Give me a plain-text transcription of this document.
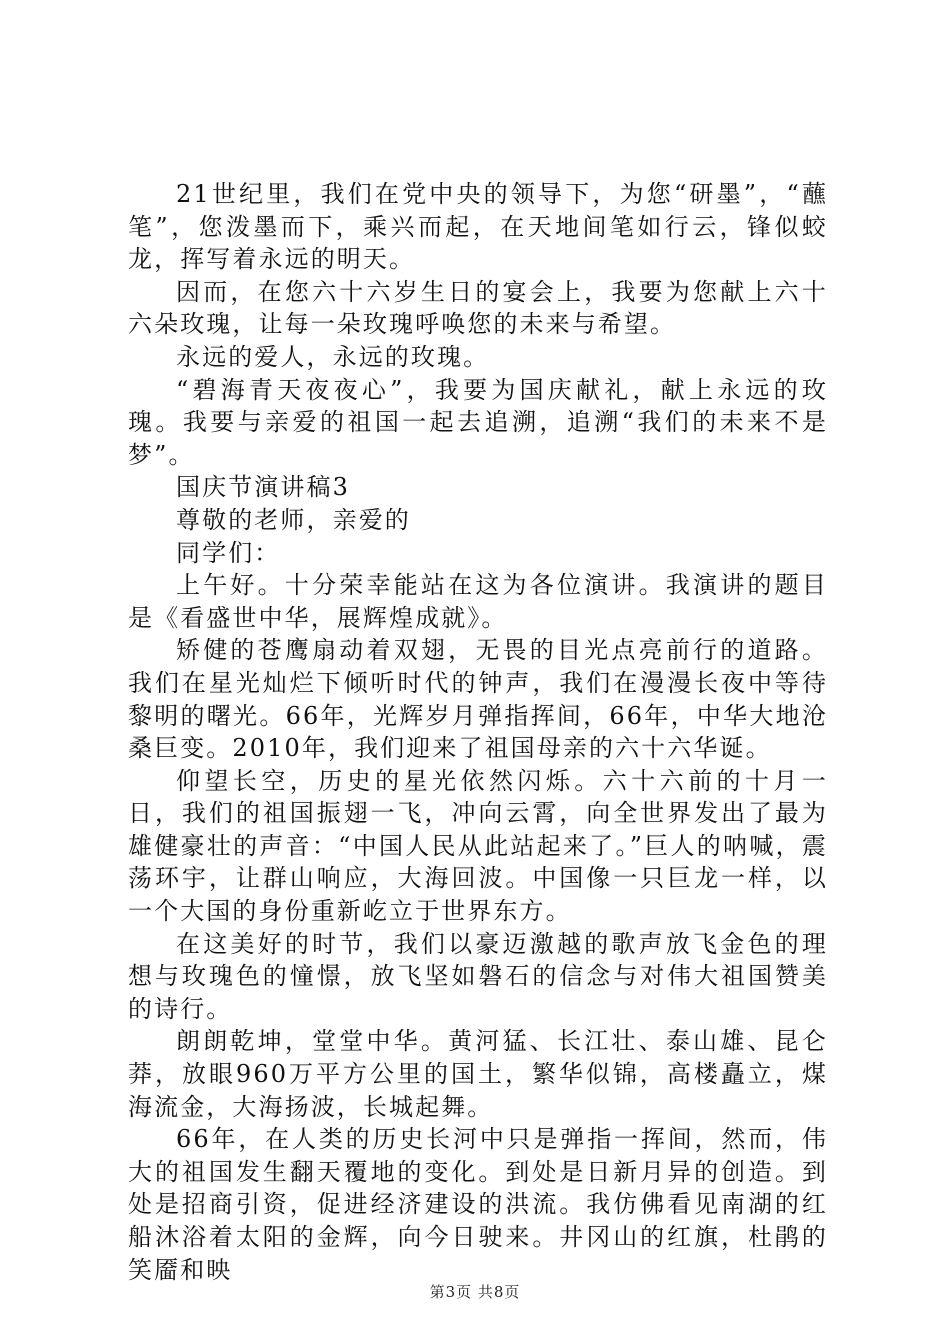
21世纪里，我们在党中央的领导下，为您“研墨”，“蘸笔”，您泼墨而下，乘兴而起，在天地间笔如行云，锋似蛟龙，挥写着永远的明天。

因而，在您六十六岁生日的宴会上，我要为您献上六十六朵玫瑰，让每一朵玫瑰呼唤您的未来与希望。

永远的爱人，永远的玫瑰。

“碧海青天夜夜心”，我要为国庆献礼，献上永远的玫瑰。我要与亲爱的祖国一起去追溯，追溯“我们的未来不是梦”。

国庆节演讲稿3

尊敬的老师，亲爱的

同学们：

上午好。十分荣幸能站在这为各位演讲。我演讲的题目是《看盛世中华，展辉煌成就》。

矫健的苍鹰扇动着双翅，无畏的目光点亮前行的道路。我们在星光灿烂下倾听时代的钟声，我们在漫漫长夜中等待黎明的曙光。66年，光辉岁月弹指挥间，66年，中华大地沧桑巨变。2010年，我们迎来了祖国母亲的六十六华诞。

仰望长空，历史的星光依然闪烁。六十六前的十月一日，我们的祖国振翅一飞，冲向云霄，向全世界发出了最为雄健豪壮的声音：“中国人民从此站起来了。”巨人的呐喊，震荡环宇，让群山响应，大海回波。中国像一只巨龙一样，以一个大国的身份重新屹立于世界东方。

在这美好的时节，我们以豪迈激越的歌声放飞金色的理想与玫瑰色的憧憬，放飞坚如磐石的信念与对伟大祖国赞美的诗行。

朗朗乾坤，堂堂中华。黄河猛、长江壮、泰山雄、昆仑莽，放眼960万平方公里的国土，繁华似锦，高楼矗立，煤海流金，大海扬波，长城起舞。

66年，在人类的历史长河中只是弹指一挥间，然而，伟大的祖国发生翻天覆地的变化。到处是日新月异的创造。到处是招商引资，促进经济建设的洪流。我仿佛看见南湖的红船沐浴着太阳的金辉，向今日驶来。井冈山的红旗，杜鹃的笑靥和映

第3页 共8页
